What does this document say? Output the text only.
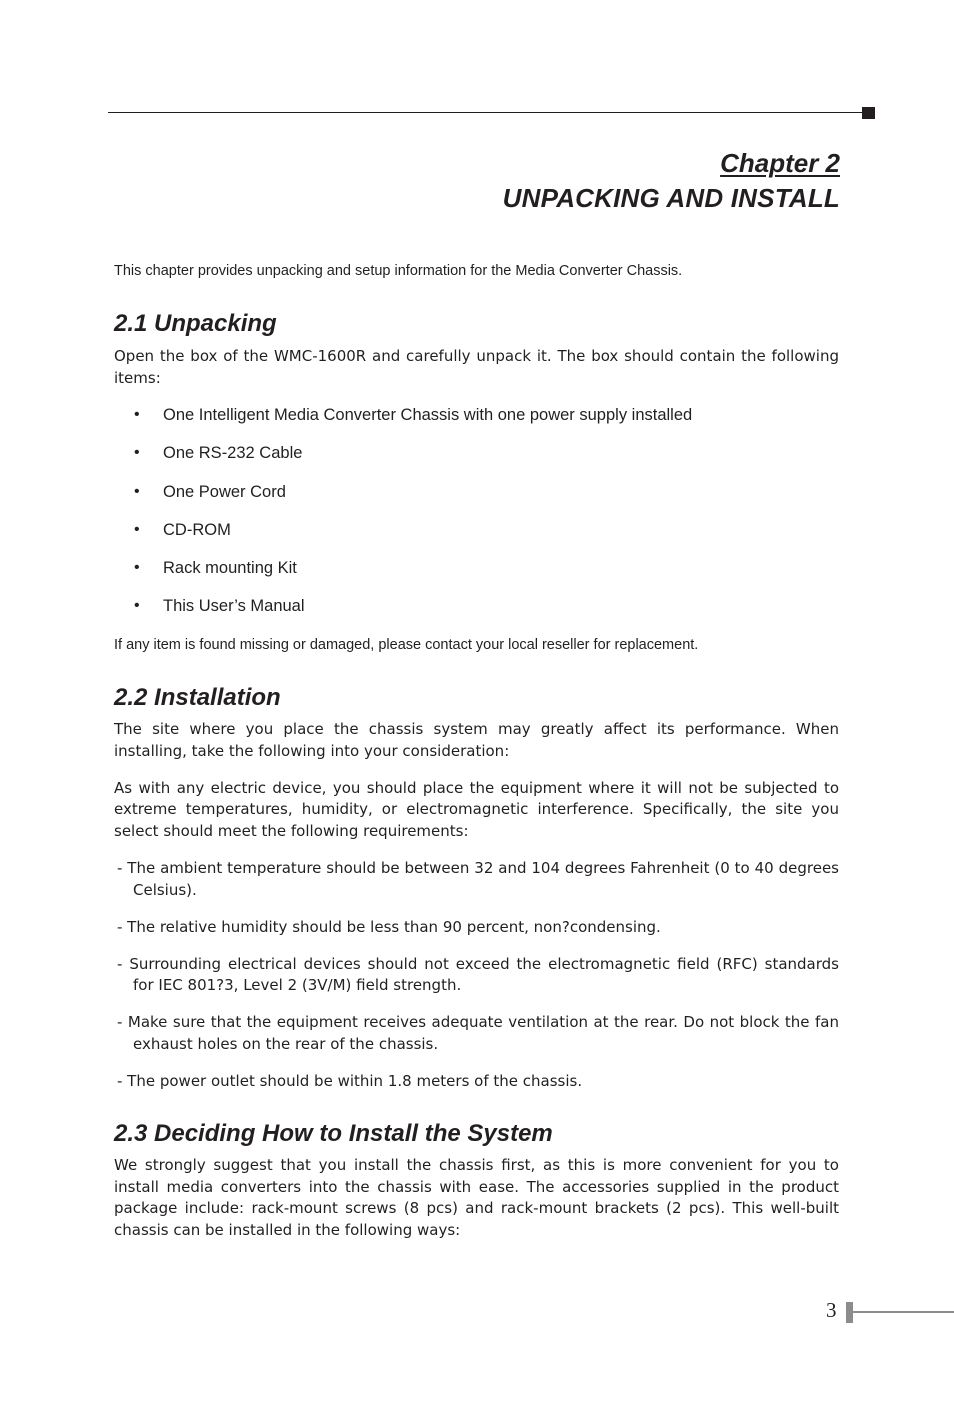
Chapter 2
UNPACKING AND INSTALL
This chapter provides unpacking and setup information for the Media Converter Chassis.
2.1 Unpacking

Open the box of the WMC-1600R and carefully unpack it. The box should contain the following items:

• One Intelligent Media Converter Chassis with one power supply installed
• One RS-232 Cable
• One Power Cord
• CD-ROM
• Rack mounting Kit
• This User’s Manual
If any item is found missing or damaged, please contact your local reseller for replacement.
2.2 Installation

The site where you place the chassis system may greatly affect its performance. When installing, take the following into your consideration:

As with any electric device, you should place the equipment where it will not be subjected to extreme temperatures, humidity, or electromagnetic interference. Specifically, the site you select should meet the following requirements:

- The ambient temperature should be between 32 and 104 degrees Fahrenheit (0 to 40 degrees Celsius).
- The relative humidity should be less than 90 percent, non?condensing.
- Surrounding electrical devices should not exceed the electromagnetic field (RFC) standards for IEC 801?3, Level 2 (3V/M) field strength.
- Make sure that the equipment receives adequate ventilation at the rear. Do not block the fan exhaust holes on the rear of the chassis.
- The power outlet should be within 1.8 meters of the chassis.
2.3 Deciding How to Install the System

We strongly suggest that you install the chassis first, as this is more convenient for you to install media converters into the chassis with ease. The accessories supplied in the product package include: rack-mount screws (8 pcs) and rack-mount brackets (2 pcs). This well-built chassis can be installed in the following ways:

3
